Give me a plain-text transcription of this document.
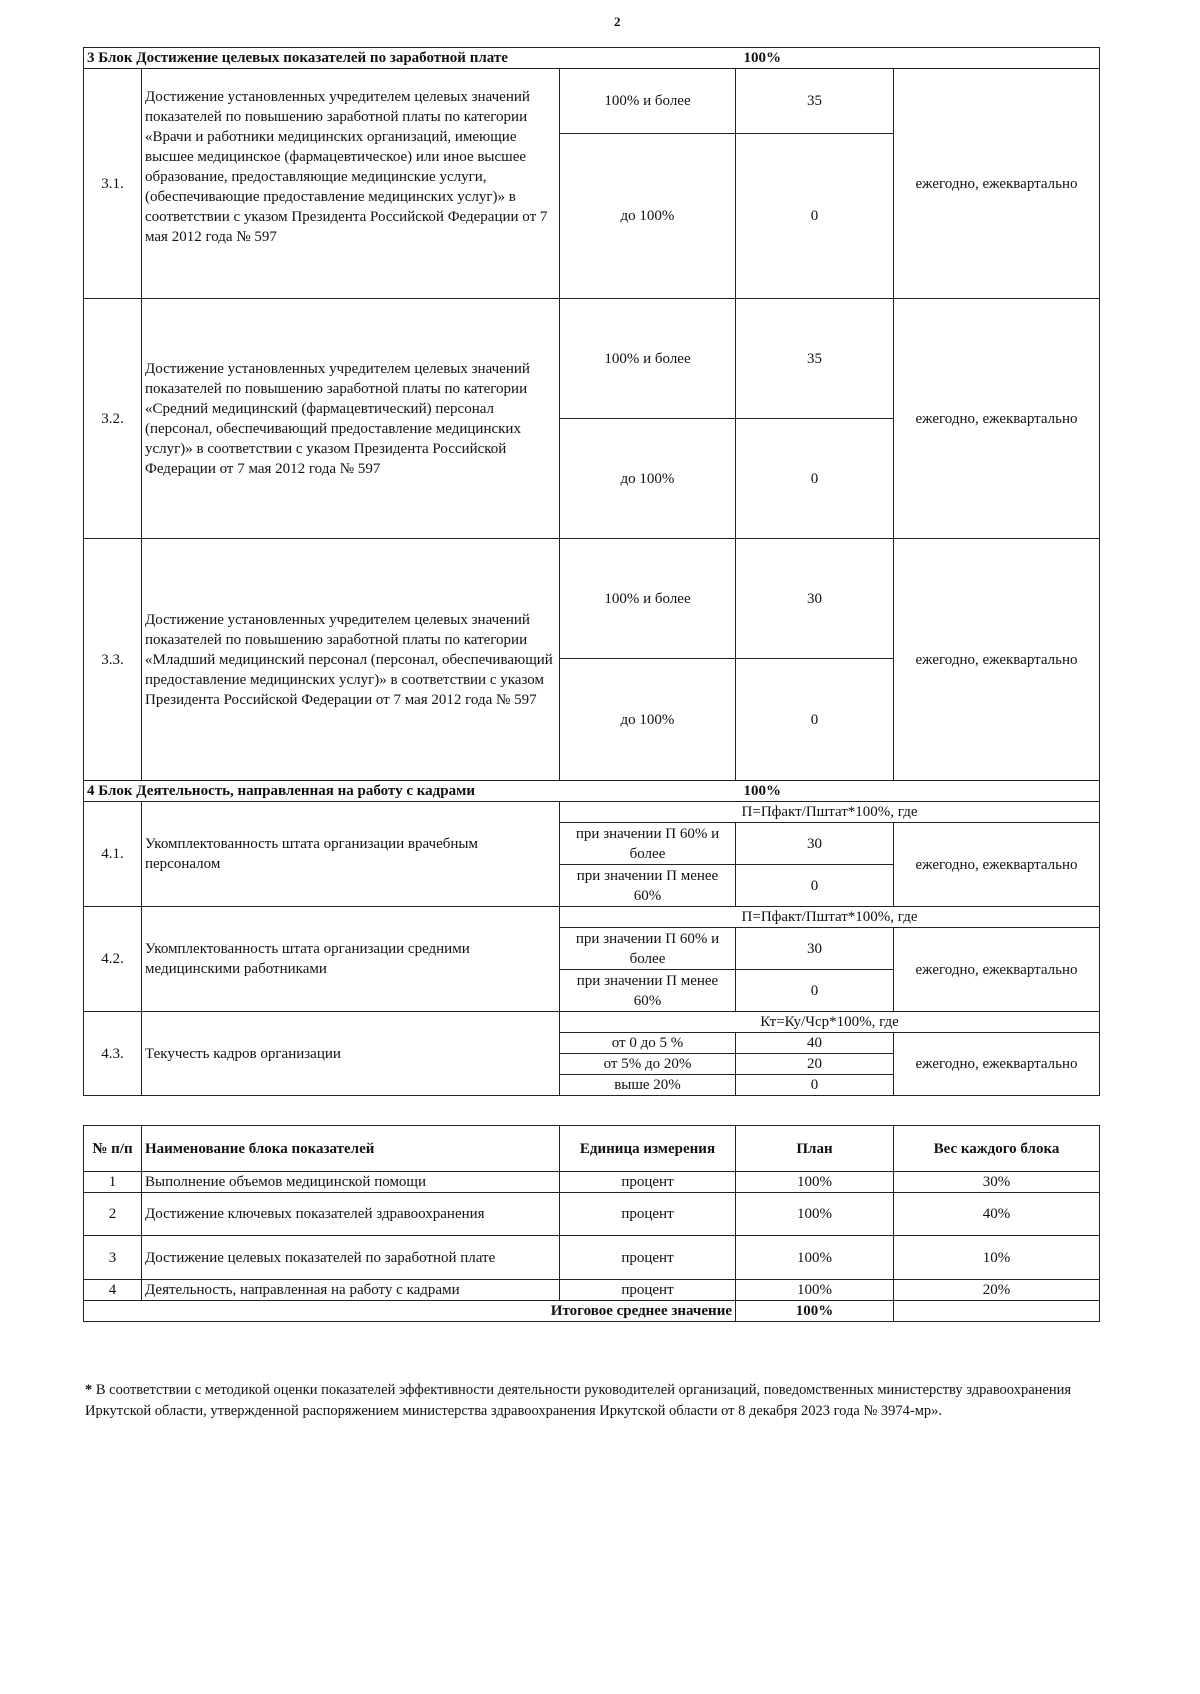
2
3 Блок Достижение целевых показателей по заработной плате 100%				

3.1.	Достижение установленных учредителем целевых значений показателей по повышению заработной платы по категории «Врачи и работники медицинских организаций, имеющие высшее медицинское (фармацевтическое) или иное высшее образование, предоставляющие медицинские услуги, (обеспечивающие предоставление медицинских услуг)» в соответствии с указом Президента Российской Федерации от 7 мая 2012 года № 597	100% и более	35	ежегодно, ежеквартально
		до 100%	0	
3.2.	Достижение установленных учредителем целевых значений показателей по повышению заработной платы по категории «Средний медицинский (фармацевтический) персонал (персонал, обеспечивающий предоставление медицинских услуг)» в соответствии с указом Президента Российской Федерации от 7 мая 2012 года № 597	100% и более	35	ежегодно, ежеквартально
		до 100%	0	
3.3.	Достижение установленных учредителем целевых значений показателей по повышению заработной платы по категории «Младший медицинский персонал (персонал, обеспечивающий предоставление медицинских услуг)» в соответствии с указом Президента Российской Федерации от 7 мая 2012 года № 597	100% и более	30	ежегодно, ежеквартально
		до 100%	0	
4 Блок Деятельность, направленная на работу с кадрами 100%				

4.1.	Укомплектованность штата организации врачебным персоналом	П=Пфакт/Пштат*100%, где		
		при значении П 60% и более	30	ежегодно, ежеквартально
		при значении П менее 60%	0	
4.2.	Укомплектованность штата организации средними медицинскими работниками	П=Пфакт/Пштат*100%, где		
		при значении П 60% и более	30	ежегодно, ежеквартально
		при значении П менее 60%	0	
4.3.	Текучесть кадров организации	Кт=Ку/Чср*100%, где		
		от 0 до 5 %	40	ежегодно, ежеквартально
		от 5% до 20%	20	
		выше 20%	0	
№ п/п	Наименование блока показателей	Единица измерения	План	Вес каждого блока
1	Выполнение объемов медицинской помощи	процент	100%	30%
2	Достижение ключевых показателей здравоохранения	процент	100%	40%
3	Достижение целевых показателей по заработной плате	процент	100%	10%
4	Деятельность, направленная на работу с кадрами	процент	100%	20%
Итоговое среднее значение			100%	
* В соответствии с методикой оценки показателей эффективности деятельности руководителей организаций, поведомственных министерству здравоохранения Иркутской области, утвержденной распоряжением министерства здравоохранения Иркутской области от 8 декабря 2023 года № 3974-мр».
